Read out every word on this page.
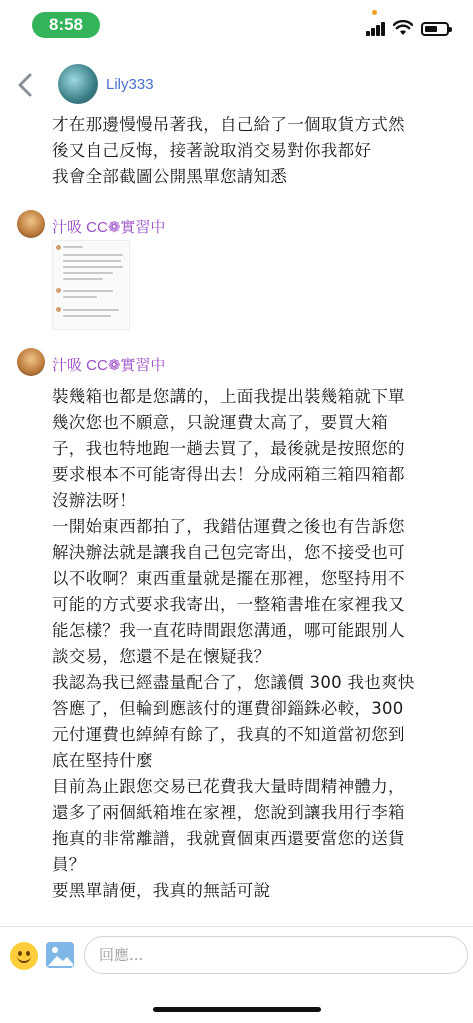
8:58
Lily333

才在那邊慢慢吊著我，自己給了一個取貨方式然

後又自己反悔，接著說取消交易對你我都好

我會全部截圖公開黑單您請知悉

汁吸 CC❁實習中
汁吸 CC❁實習中

裝幾箱也都是您講的，上面我提出裝幾箱就下單

幾次您也不願意，只說運費太高了，要買大箱

子，我也特地跑一趟去買了，最後就是按照您的

要求根本不可能寄得出去！分成兩箱三箱四箱都

沒辦法呀！

一開始東西都拍了，我錯估運費之後也有告訴您

解決辦法就是讓我自己包完寄出，您不接受也可

以不收啊？東西重量就是擺在那裡，您堅持用不

可能的方式要求我寄出，一整箱書堆在家裡我又

能怎樣？我一直花時間跟您溝通，哪可能跟別人

談交易，您還不是在懷疑我？

我認為我已經盡量配合了，您議價 300 我也爽快

答應了，但輪到應該付的運費卻錙銖必較，300

元付運費也綽綽有餘了，我真的不知道當初您到

底在堅持什麼

目前為止跟您交易已花費我大量時間精神體力，

還多了兩個紙箱堆在家裡，您說到讓我用行李箱

拖真的非常離譜，我就賣個東西還要當您的送貨

員？

要黑單請便，我真的無話可說

回應...
